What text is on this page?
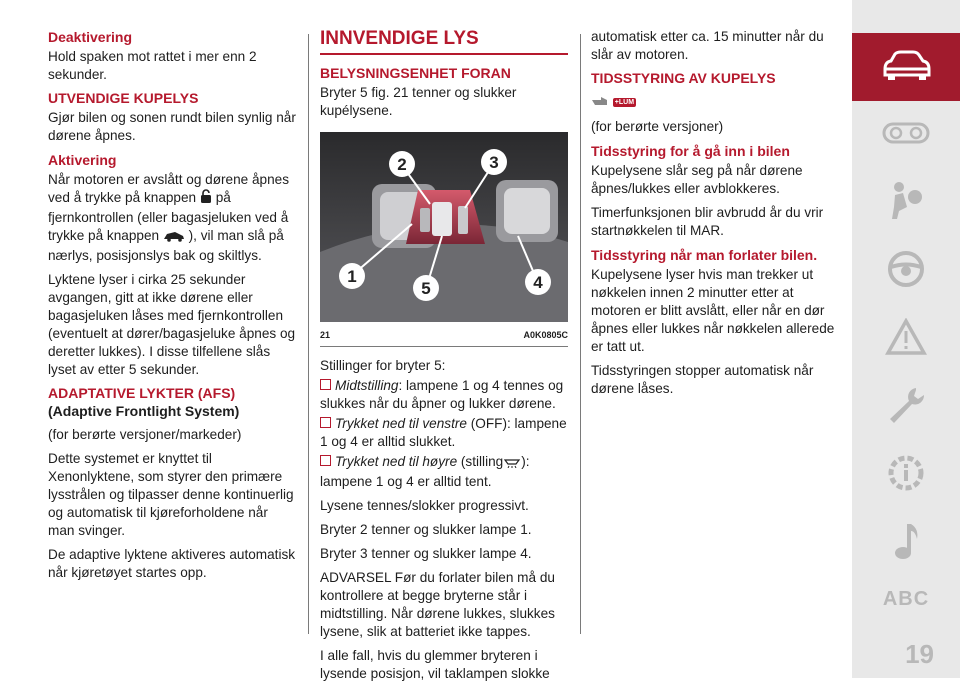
Deaktivering

Hold spaken mot rattet i mer enn 2 sekunder.

UTVENDIGE KUPELYS

Gjør bilen og sonen rundt bilen synlig når dørene åpnes.

Aktivering

Når motoren er avslått og dørene åpnes ved å trykke på knappen på fjernkontrollen (eller bagasjeluken ved å trykke på knappen ), vil man slå på nærlys, posisjonslys bak og skiltlys.

Lyktene lyser i cirka 25 sekunder avgangen, gitt at ikke dørene eller bagasjeluken låses med fjernkontrollen (eventuelt at dører/bagasjeluke åpnes og deretter lukkes). I disse tilfellene slås lyset av etter 5 sekunder.

ADAPTATIVE LYKTER (AFS)
(Adaptive Frontlight System)

(for berørte versjoner/markeder)

Dette systemet er knyttet til Xenonlyktene, som styrer den primære lysstrålen og tilpasser denne kontinuerlig og automatisk til kjøreforholdene når man svinger.

De adaptive lyktene aktiveres automatisk når kjøretøyet startes opp.

INNVENDIGE LYS
BELYSNINGSENHET FORAN

Bryter 5 fig. 21 tenner og slukker kupélysene.

1
2	3
4
5
21	A0K0805C

Stillinger for bryter 5:

Midtstilling: lampene 1 og 4 tennes og slukkes når du åpner og lukker dørene.

Trykket ned til venstre (OFF): lampene 1 og 4 er alltid slukket.

Trykket ned til høyre (stilling ): lampene 1 og 4 er alltid tent.

Lysene tennes/slokker progressivt.

Bryter 2 tenner og slukker lampe 1.

Bryter 3 tenner og slukker lampe 4.

ADVARSEL Før du forlater bilen må du kontrollere at begge bryterne står i midtstilling. Når dørene lukkes, slukkes lysene, slik at batteriet ikke tappes.

I alle fall, hvis du glemmer bryteren i lysende posisjon, vil taklampen slokke

automatisk etter ca. 15 minutter når du slår av motoren.

TIDSSTYRING AV KUPELYS
+LUM

(for berørte versjoner)

Tidsstyring for å gå inn i bilen

Kupelysene slår seg på når dørene åpnes/lukkes eller avblokkeres.

Timerfunksjonen blir avbrudd år du vrir startnøkkelen til MAR.

Tidsstyring når man forlater bilen.

Kupelysene lyser hvis man trekker ut nøkkelen innen 2 minutter etter at motoren er blitt avslått, eller når en dør åpnes eller lukkes når nøkkelen allerede er tatt ut.

Tidsstyringen stopper automatisk når dørene låses.

ABC
19
